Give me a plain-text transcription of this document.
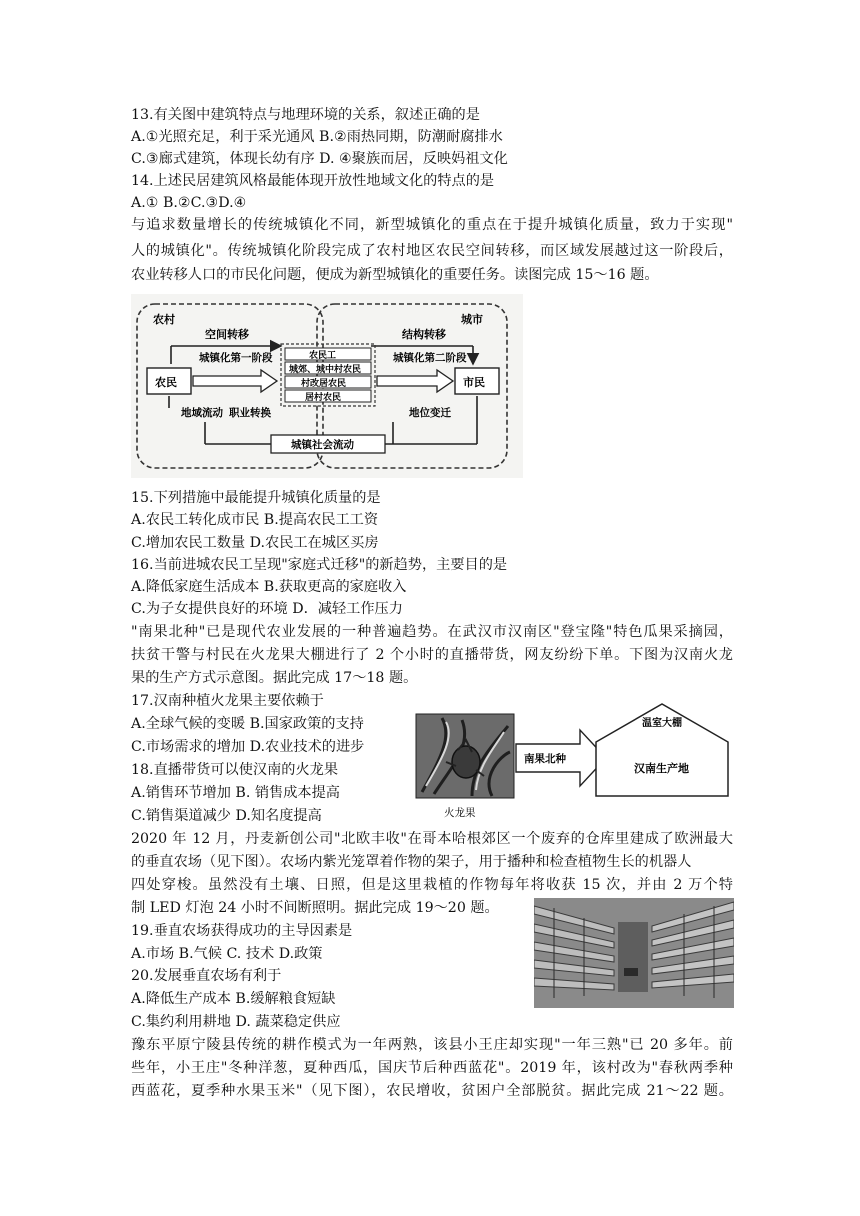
13.有关图中建筑特点与地理环境的关系，叙述正确的是
A.①光照充足，利于采光通风 B.②雨热同期，防潮耐腐排水
C.③廊式建筑，体现长幼有序 D. ④聚族而居，反映妈祖文化
14.上述民居建筑风格最能体现开放性地域文化的特点的是
A.① B.②C.③D.④
与追求数量增长的传统城镇化不同，新型城镇化的重点在于提升城镇化质量，致力于实现"
人的城镇化"。传统城镇化阶段完成了农村地区农民空间转移，而区域发展越过这一阶段后，
农业转移人口的市民化问题，便成为新型城镇化的重要任务。读图完成 15～16 题。
农村	城市
空间转移	结构转移
城镇化第一阶段	城镇化第二阶段
农民
农民工
城郊、城中村农民
村改居农民
居村农民
市民
地域流动 职业转换	地位变迁
城镇社会流动
15.下列措施中最能提升城镇化质量的是
A.农民工转化成市民 B.提高农民工工资
C.增加农民工数量 D.农民工在城区买房
16.当前进城农民工呈现"家庭式迁移"的新趋势，主要目的是
A.降低家庭生活成本 B.获取更高的家庭收入
C.为子女提供良好的环境 D．减轻工作压力
"南果北种"已是现代农业发展的一种普遍趋势。在武汉市汉南区"登宝隆"特色瓜果采摘园，
扶贫干警与村民在火龙果大棚进行了 2 个小时的直播带货，网友纷纷下单。下图为汉南火龙
果的生产方式示意图。据此完成 17～18 题。
17.汉南种植火龙果主要依赖于
A.全球气候的变暖 B.国家政策的支持
C.市场需求的增加 D.农业技术的进步
18.直播带货可以使汉南的火龙果
A.销售环节增加 B. 销售成本提高
C.销售渠道减少 D.知名度提高	火龙果
南果北种
温室大棚
汉南生产地
2020 年 12 月，丹麦新创公司"北欧丰收"在哥本哈根郊区一个废弃的仓库里建成了欧洲最大
的垂直农场（见下图）。农场内紫光笼罩着作物的架子，用于播种和检查植物生长的机器人
四处穿梭。虽然没有土壤、日照，但是这里栽植的作物每年将收获 15 次，并由 2 万个特
制 LED 灯泡 24 小时不间断照明。据此完成 19～20 题。
19.垂直农场获得成功的主导因素是
A.市场 B.气候 C. 技术 D.政策
20.发展垂直农场有利于
A.降低生产成本 B.缓解粮食短缺
C.集约利用耕地 D. 蔬菜稳定供应
豫东平原宁陵县传统的耕作模式为一年两熟，该县小王庄却实现"一年三熟"已 20 多年。前
些年，小王庄"冬种洋葱，夏种西瓜，国庆节后种西蓝花"。2019 年，该村改为"春秋两季种
西蓝花，夏季种水果玉米"（见下图），农民增收，贫困户全部脱贫。据此完成 21～22 题。
